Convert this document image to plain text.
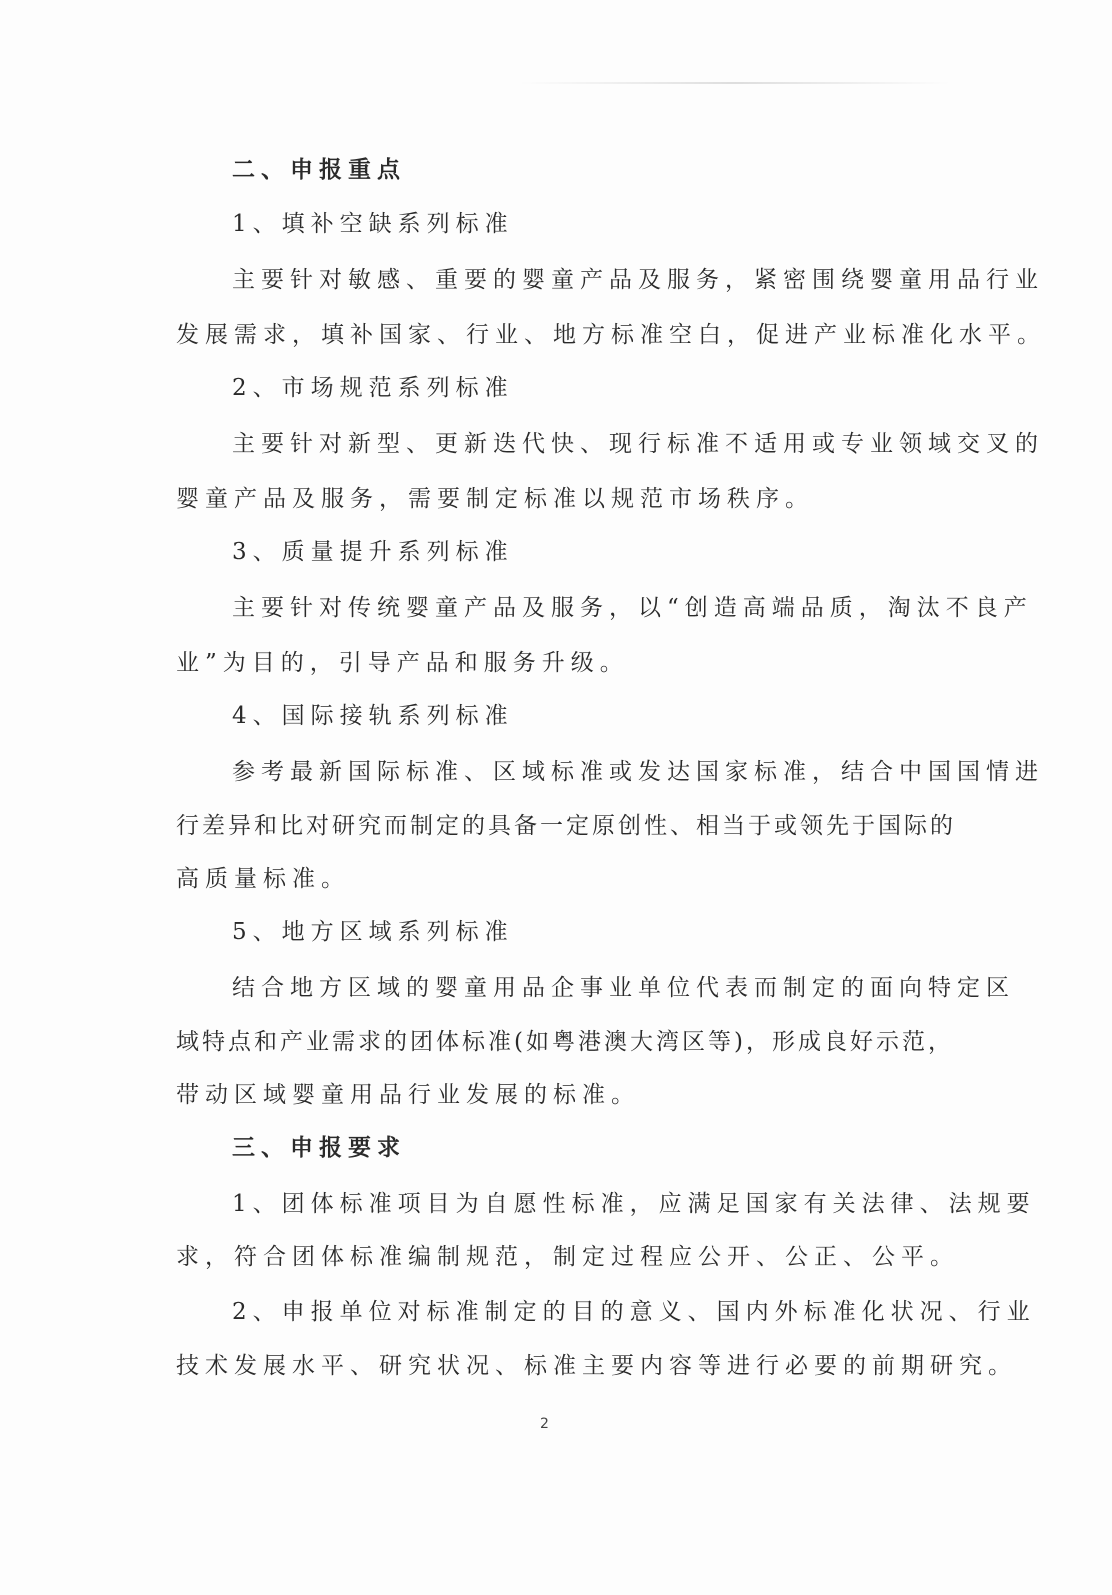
二、申报重点
1、填补空缺系列标准
主要针对敏感、重要的婴童产品及服务，紧密围绕婴童用品行业
发展需求，填补国家、行业、地方标准空白，促进产业标准化水平。
2、市场规范系列标准
主要针对新型、更新迭代快、现行标准不适用或专业领域交叉的
婴童产品及服务，需要制定标准以规范市场秩序。
3、质量提升系列标准
主要针对传统婴童产品及服务，以“创造高端品质，淘汰不良产
业”为目的，引导产品和服务升级。
4、国际接轨系列标准
参考最新国际标准、区域标准或发达国家标准，结合中国国情进
行差异和比对研究而制定的具备一定原创性、相当于或领先于国际的
高质量标准。
5、地方区域系列标准
结合地方区域的婴童用品企事业单位代表而制定的面向特定区
域特点和产业需求的团体标准(如粤港澳大湾区等)，形成良好示范，
带动区域婴童用品行业发展的标准。
三、申报要求
1、团体标准项目为自愿性标准，应满足国家有关法律、法规要
求，符合团体标准编制规范，制定过程应公开、公正、公平。
2、申报单位对标准制定的目的意义、国内外标准化状况、行业
技术发展水平、研究状况、标准主要内容等进行必要的前期研究。
2
